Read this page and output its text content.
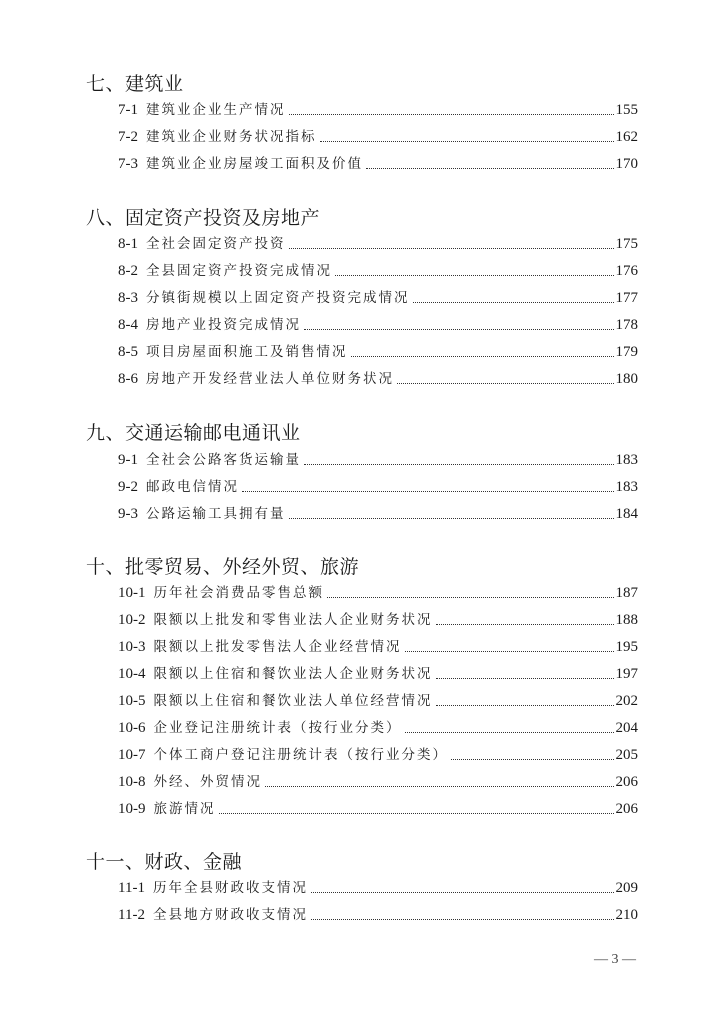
七、建筑业
7-1 建筑业企业生产情况	155
7-2 建筑业企业财务状况指标	162
7-3 建筑业企业房屋竣工面积及价值	170
八、固定资产投资及房地产
8-1 全社会固定资产投资	175
8-2 全县固定资产投资完成情况	176
8-3 分镇街规模以上固定资产投资完成情况	177
8-4 房地产业投资完成情况	178
8-5 项目房屋面积施工及销售情况	179
8-6 房地产开发经营业法人单位财务状况	180
九、交通运输邮电通讯业
9-1 全社会公路客货运输量	183
9-2 邮政电信情况	183
9-3 公路运输工具拥有量	184
十、批零贸易、外经外贸、旅游
10-1 历年社会消费品零售总额	187
10-2 限额以上批发和零售业法人企业财务状况	188
10-3 限额以上批发零售法人企业经营情况	195
10-4 限额以上住宿和餐饮业法人企业财务状况	197
10-5 限额以上住宿和餐饮业法人单位经营情况	202
10-6 企业登记注册统计表（按行业分类）	204
10-7 个体工商户登记注册统计表（按行业分类）	205
10-8 外经、外贸情况	206
10-9 旅游情况	206
十一、财政、金融
11-1 历年全县财政收支情况	209
11-2 全县地方财政收支情况	210
— 3 —
